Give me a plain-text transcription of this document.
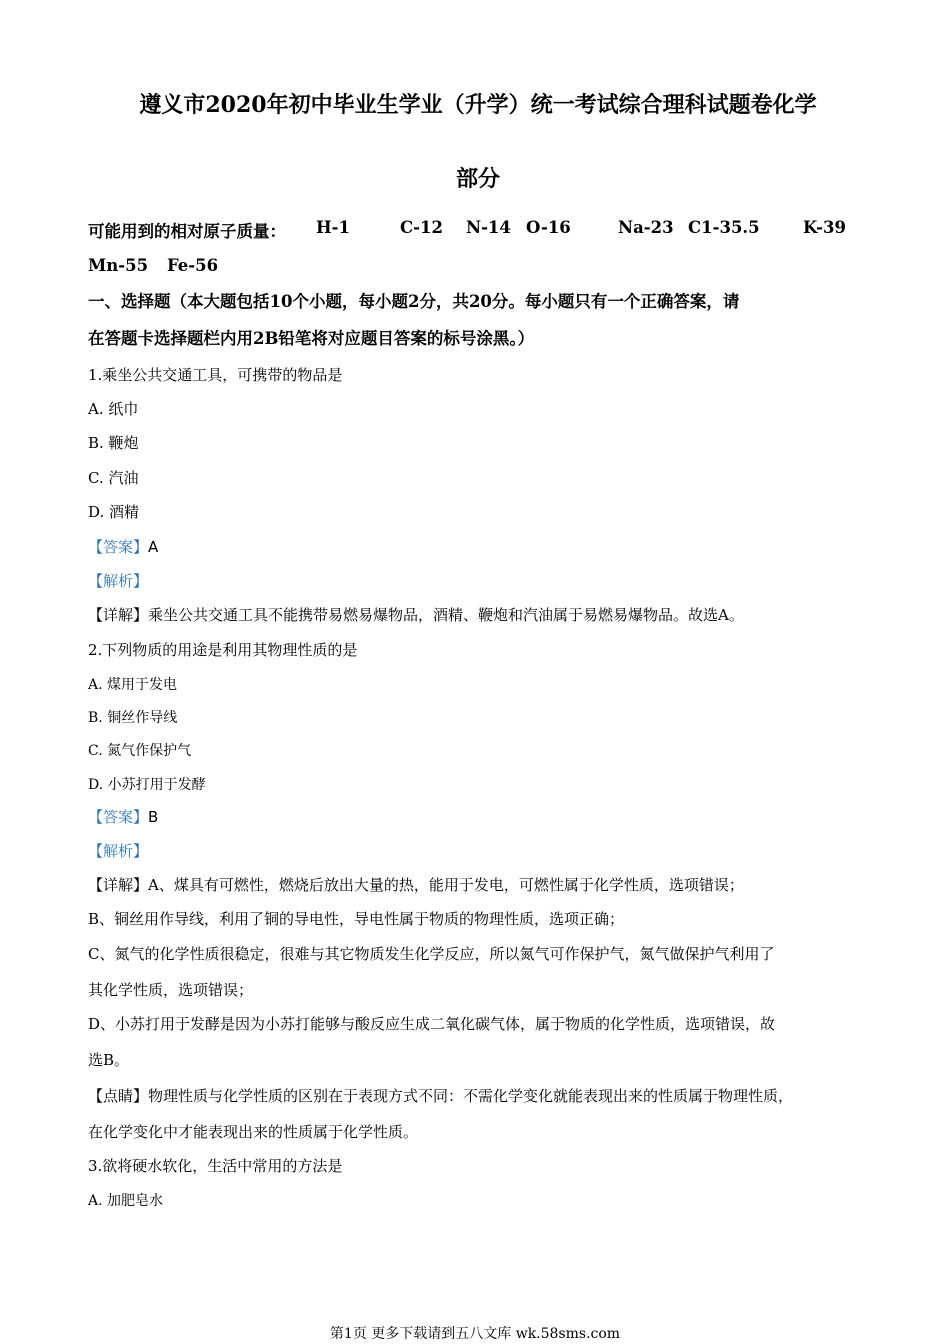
遵义市2020年初中毕业生学业（升学）统一考试综合理科试题卷化学
部分
可能用到的相对原子质量： H-1	C-12 N-14 O-16	Na-23 C1-35.5	K-39
Mn-55 Fe-56
一、选择题（本大题包括10个小题，每小题2分，共20分。每小题只有一个正确答案，请
在答题卡选择题栏内用2B铅笔将对应题目答案的标号涂黑。）
1.乘坐公共交通工具，可携带的物品是
A. 纸巾
B. 鞭炮
C. 汽油
D. 酒精
【答案】A
【解析】
【详解】乘坐公共交通工具不能携带易燃易爆物品，酒精、鞭炮和汽油属于易燃易爆物品。故选A。
2.下列物质的用途是利用其物理性质的是
A. 煤用于发电
B. 铜丝作导线
C. 氮气作保护气
D. 小苏打用于发酵
【答案】B
【解析】
【详解】A、煤具有可燃性，燃烧后放出大量的热，能用于发电，可燃性属于化学性质，选项错误；
B、铜丝用作导线，利用了铜的导电性，导电性属于物质的物理性质，选项正确；
C、氮气的化学性质很稳定，很难与其它物质发生化学反应，所以氮气可作保护气，氮气做保护气利用了
其化学性质，选项错误；
D、小苏打用于发酵是因为小苏打能够与酸反应生成二氧化碳气体，属于物质的化学性质，选项错误，故
选B。
【点睛】物理性质与化学性质的区别在于表现方式不同：不需化学变化就能表现出来的性质属于物理性质，
在化学变化中才能表现出来的性质属于化学性质。
3.欲将硬水软化，生活中常用的方法是
A. 加肥皂水
第1页 更多下载请到五八文库 wk.58sms.com
